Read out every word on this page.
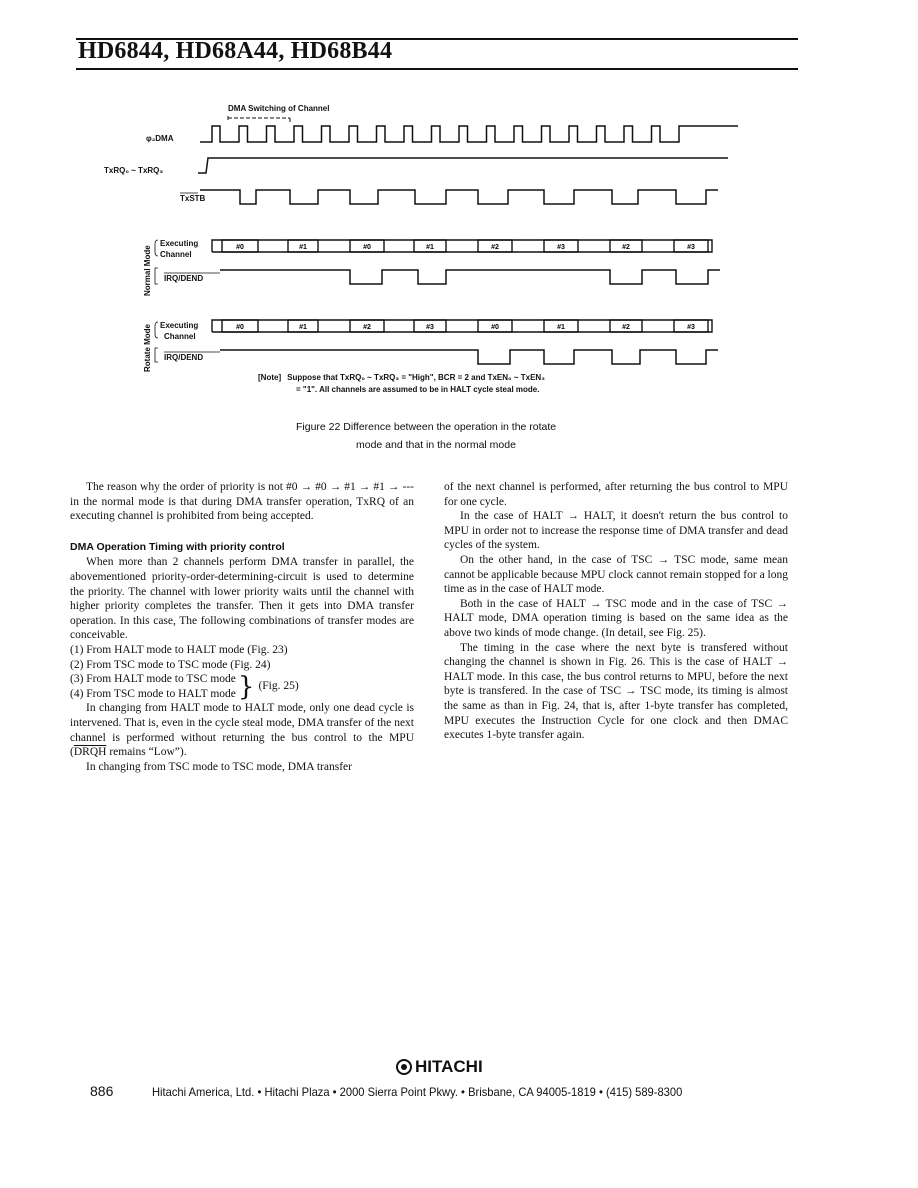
HD6844, HD68A44, HD68B44
DMA Switching of Channel
φ₂DMA
TxRQ₀ ~ TxRQ₃
TxSTB
Normal Mode
Executing
Channel
IRQ/DEND
Rotate Mode Executing
Channel
IRQ/DEND
#0	#1	#0	#1	#2	#3	#2	#3
#0	#1	#2	#3	#0	#1	#2	#3
[Note] Suppose that TxRQ₀ ~ TxRQ₃ = "High", BCR = 2 and TxEN₀ ~ TxEN₃
= "1". All channels are assumed to be in HALT cycle steal mode.
Figure 22 Difference between the operation in the rotate
mode and that in the normal mode

The reason why the order of priority is not #0 → #0 → #1 → #1 → --- in the normal mode is that during DMA transfer operation, TxRQ of an executing channel is prohibited from being accepted.

DMA Operation Timing with priority control

When more than 2 channels perform DMA transfer in parallel, the abovementioned priority-order-determining-circuit is used to determine the priority. The channel with lower priority waits until the channel with higher priority completes the transfer. Then it gets into DMA transfer operation. In this case, The following combinations of transfer modes are conceivable.

(1) From HALT mode to HALT mode (Fig. 23)

(2) From TSC mode to TSC mode (Fig. 24)

(3) From HALT mode to TSC mode
(4) From TSC mode to HALT mode } (Fig. 25)

In changing from HALT mode to HALT mode, only one dead cycle is intervened. That is, even in the cycle steal mode, DMA transfer of the next channel is performed without returning the bus control to the MPU (DRQH remains “Low”).

In changing from TSC mode to TSC mode, DMA transfer

of the next channel is performed, after returning the bus control to MPU for one cycle.

In the case of HALT → HALT, it doesn't return the bus control to MPU in order not to increase the response time of DMA transfer and dead cycles of the system.

On the other hand, in the case of TSC → TSC mode, same mean cannot be applicable because MPU clock cannot remain stopped for a long time as in the case of HALT mode.

Both in the case of HALT → TSC mode and in the case of TSC → HALT mode, DMA operation timing is based on the same idea as the above two kinds of mode change. (In detail, see Fig. 25).

The timing in the case where the next byte is transfered without changing the channel is shown in Fig. 26. This is the case of HALT → HALT mode. In this case, the bus control returns to MPU, before the next byte is transfered. In the case of TSC → TSC mode, its timing is almost the same as than in Fig. 24, that is, after 1-byte transfer has completed, MPU executes the Instruction Cycle for one clock and then DMAC executes 1-byte transfer again.

HITACHI
886	Hitachi America, Ltd. • Hitachi Plaza • 2000 Sierra Point Pkwy. • Brisbane, CA 94005-1819 • (415) 589-8300
